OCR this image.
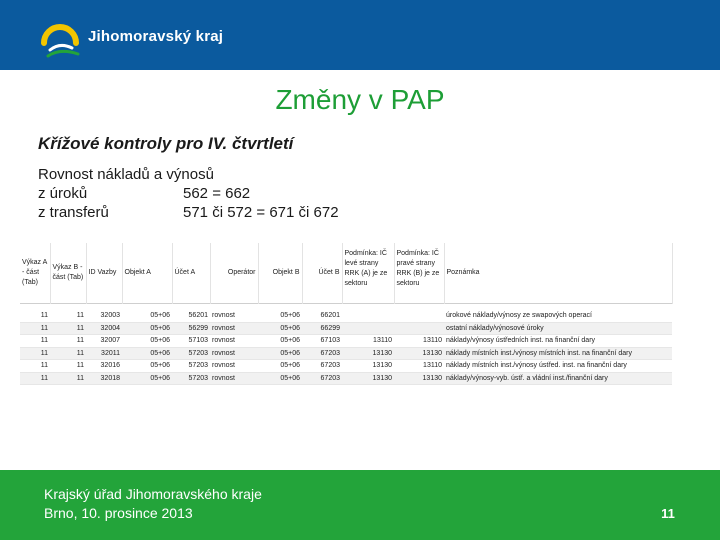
Jihomoravský kraj
Změny v PAP
Křížové kontroly pro IV. čtvrtletí
Rovnost nákladů a výnosů
z úroků	562 = 662
z transferů	571 či 572 = 671 či 672
Výkaz A - část (Tab)	Výkaz B - část (Tab)	ID Vazby	Objekt A	Účet A	Operátor	Objekt B	Účet B	Podmínka: IČ levé strany RRK (A) je ze sektoru	Podmínka: IČ pravé strany RRK (B) je ze sektoru	Poznámka

11	11	32003	05+06	56201	rovnost	05+06	66201			úrokové náklady/výnosy ze swapových operací
11	11	32004	05+06	56299	rovnost	05+06	66299			ostatní náklady/výnosové úroky
11	11	32007	05+06	57103	rovnost	05+06	67103	13110	13110	náklady/výnosy ústředních inst. na finanční dary
11	11	32011	05+06	57203	rovnost	05+06	67203	13130	13130	náklady místních inst./výnosy místních inst. na finanční dary
11	11	32016	05+06	57203	rovnost	05+06	67203	13130	13110	náklady místních inst./výnosy ústřed. inst. na finanční dary
11	11	32018	05+06	57203	rovnost	05+06	67203	13130	13130	náklady/výnosy-vyb. ústř. a vládní inst./finanční dary
Krajský úřad Jihomoravského kraje
Brno, 10. prosince 2013	11
